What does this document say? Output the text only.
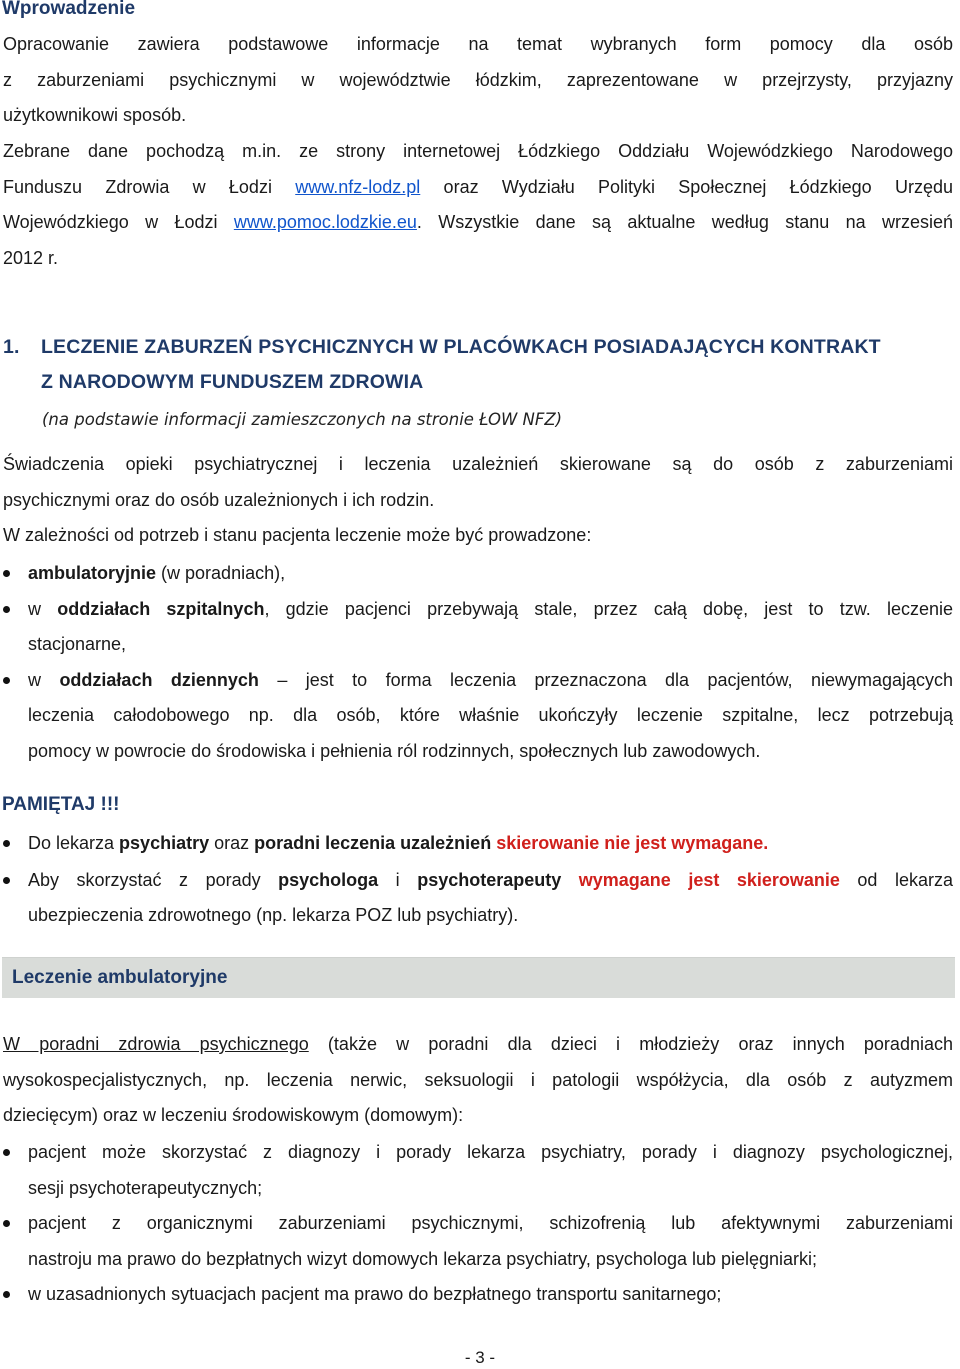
Wprowadzenie
Opracowanie zawiera podstawowe informacje na temat wybranych form pomocy dla osób
z zaburzeniami psychicznymi w województwie łódzkim, zaprezentowane w przejrzysty, przyjazny
użytkownikowi sposób.
Zebrane dane pochodzą m.in. ze strony internetowej Łódzkiego Oddziału Wojewódzkiego Narodowego
Funduszu Zdrowia w Łodzi www.nfz-lodz.pl oraz Wydziału Polityki Społecznej Łódzkiego Urzędu
Wojewódzkiego w Łodzi www.pomoc.lodzkie.eu. Wszystkie dane są aktualne według stanu na wrzesień
2012 r.
1. LECZENIE ZABURZEŃ PSYCHICZNYCH W PLACÓWKACH POSIADAJĄCYCH KONTRAKT
Z NARODOWYM FUNDUSZEM ZDROWIA
(na podstawie informacji zamieszczonych na stronie ŁOW NFZ)
Świadczenia opieki psychiatrycznej i leczenia uzależnień skierowane są do osób z zaburzeniami
psychicznymi oraz do osób uzależnionych i ich rodzin.
W zależności od potrzeb i stanu pacjenta leczenie może być prowadzone:
ambulatoryjnie (w poradniach),
w oddziałach szpitalnych, gdzie pacjenci przebywają stale, przez całą dobę, jest to tzw. leczenie
stacjonarne,
w oddziałach dziennych – jest to forma leczenia przeznaczona dla pacjentów, niewymagających
leczenia całodobowego np. dla osób, które właśnie ukończyły leczenie szpitalne, lecz potrzebują
pomocy w powrocie do środowiska i pełnienia ról rodzinnych, społecznych lub zawodowych.
PAMIĘTAJ !!!
Do lekarza psychiatry oraz poradni leczenia uzależnień skierowanie nie jest wymagane.
Aby skorzystać z porady psychologa i psychoterapeuty wymagane jest skierowanie od lekarza
ubezpieczenia zdrowotnego (np. lekarza POZ lub psychiatry).
Leczenie ambulatoryjne
W poradni zdrowia psychicznego (także w poradni dla dzieci i młodzieży oraz innych poradniach
wysokospecjalistycznych, np. leczenia nerwic, seksuologii i patologii współżycia, dla osób z autyzmem
dziecięcym) oraz w leczeniu środowiskowym (domowym):
pacjent może skorzystać z diagnozy i porady lekarza psychiatry, porady i diagnozy psychologicznej,
sesji psychoterapeutycznych;
pacjent z organicznymi zaburzeniami psychicznymi, schizofrenią lub afektywnymi zaburzeniami
nastroju ma prawo do bezpłatnych wizyt domowych lekarza psychiatry, psychologa lub pielęgniarki;
w uzasadnionych sytuacjach pacjent ma prawo do bezpłatnego transportu sanitarnego;
- 3 -
